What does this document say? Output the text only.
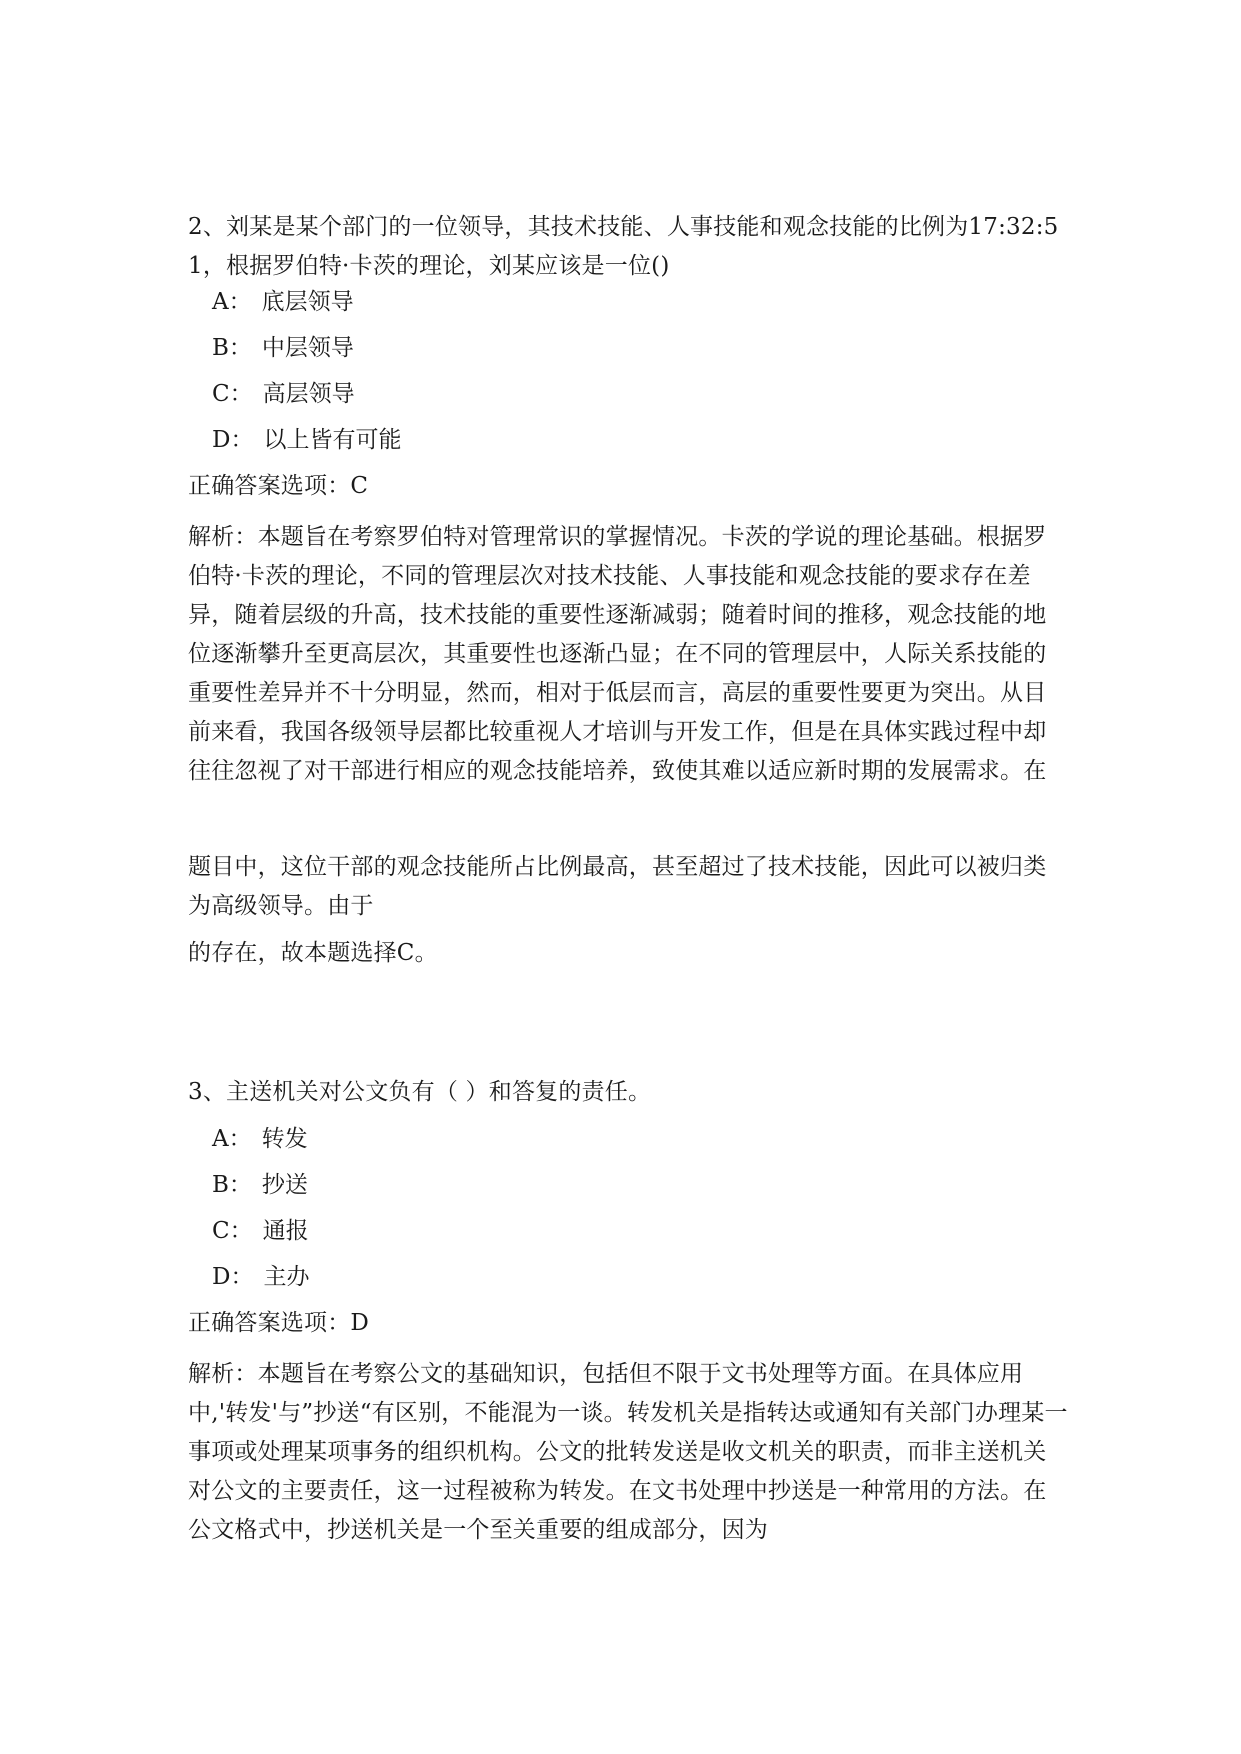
2、刘某是某个部门的一位领导，其技术技能、人事技能和观念技能的比例为17:32:51，根据罗伯特·卡茨的理论，刘某应该是一位()
A： 底层领导
B： 中层领导
C： 高层领导
D： 以上皆有可能
正确答案选项：C
解析：本题旨在考察罗伯特对管理常识的掌握情况。卡茨的学说的理论基础。根据罗伯特·卡茨的理论，不同的管理层次对技术技能、人事技能和观念技能的要求存在差异，随着层级的升高，技术技能的重要性逐渐减弱；随着时间的推移，观念技能的地位逐渐攀升至更高层次，其重要性也逐渐凸显；在不同的管理层中，人际关系技能的重要性差异并不十分明显，然而，相对于低层而言，高层的重要性要更为突出。从目前来看，我国各级领导层都比较重视人才培训与开发工作，但是在具体实践过程中却往往忽视了对干部进行相应的观念技能培养，致使其难以适应新时期的发展需求。在
题目中，这位干部的观念技能所占比例最高，甚至超过了技术技能，因此可以被归类为高级领导。由于
的存在，故本题选择C。
3、主送机关对公文负有（ ）和答复的责任。
A： 转发
B： 抄送
C： 通报
D： 主办
正确答案选项：D
解析：本题旨在考察公文的基础知识，包括但不限于文书处理等方面。在具体应用中,'转发'与”抄送“有区别，不能混为一谈。转发机关是指转达或通知有关部门办理某一事项或处理某项事务的组织机构。公文的批转发送是收文机关的职责，而非主送机关对公文的主要责任，这一过程被称为转发。在文书处理中抄送是一种常用的方法。在公文格式中，抄送机关是一个至关重要的组成部分，因为
